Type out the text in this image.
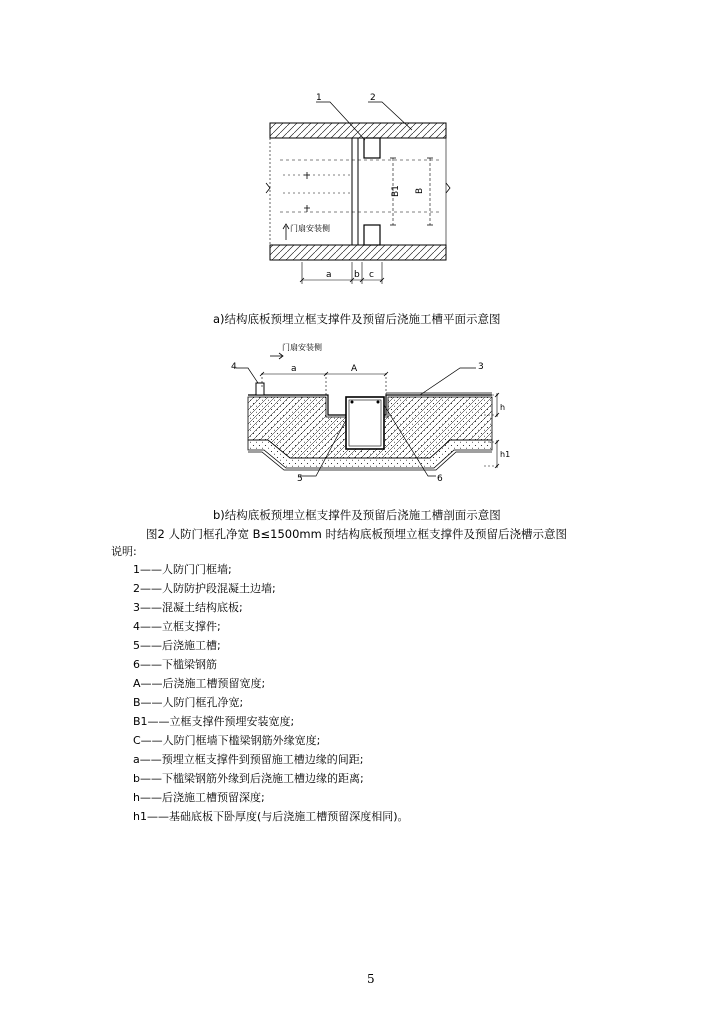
B1 B
1	2
门扇安装侧
a b c
a)结构底板预埋立框支撑件及预留后浇施工槽平面示意图
4	a	A
门扇安装侧
3
h
h1
5	6
b)结构底板预埋立框支撑件及预留后浇施工槽剖面示意图
图2 人防门框孔净宽 B≤1500mm 时结构底板预埋立框支撑件及预留后浇槽示意图
说明:
1——人防门门框墙;
2——人防防护段混凝土边墙;
3——混凝土结构底板;
4——立框支撑件;
5——后浇施工槽;
6——下槛梁钢筋
A——后浇施工槽预留宽度;
B——人防门框孔净宽;
B1——立框支撑件预埋安装宽度;
C——人防门框墙下槛梁钢筋外缘宽度;
a——预埋立框支撑件到预留施工槽边缘的间距;
b——下槛梁钢筋外缘到后浇施工槽边缘的距离;
h——后浇施工槽预留深度;
h1——基础底板下卧厚度(与后浇施工槽预留深度相同)。
5
